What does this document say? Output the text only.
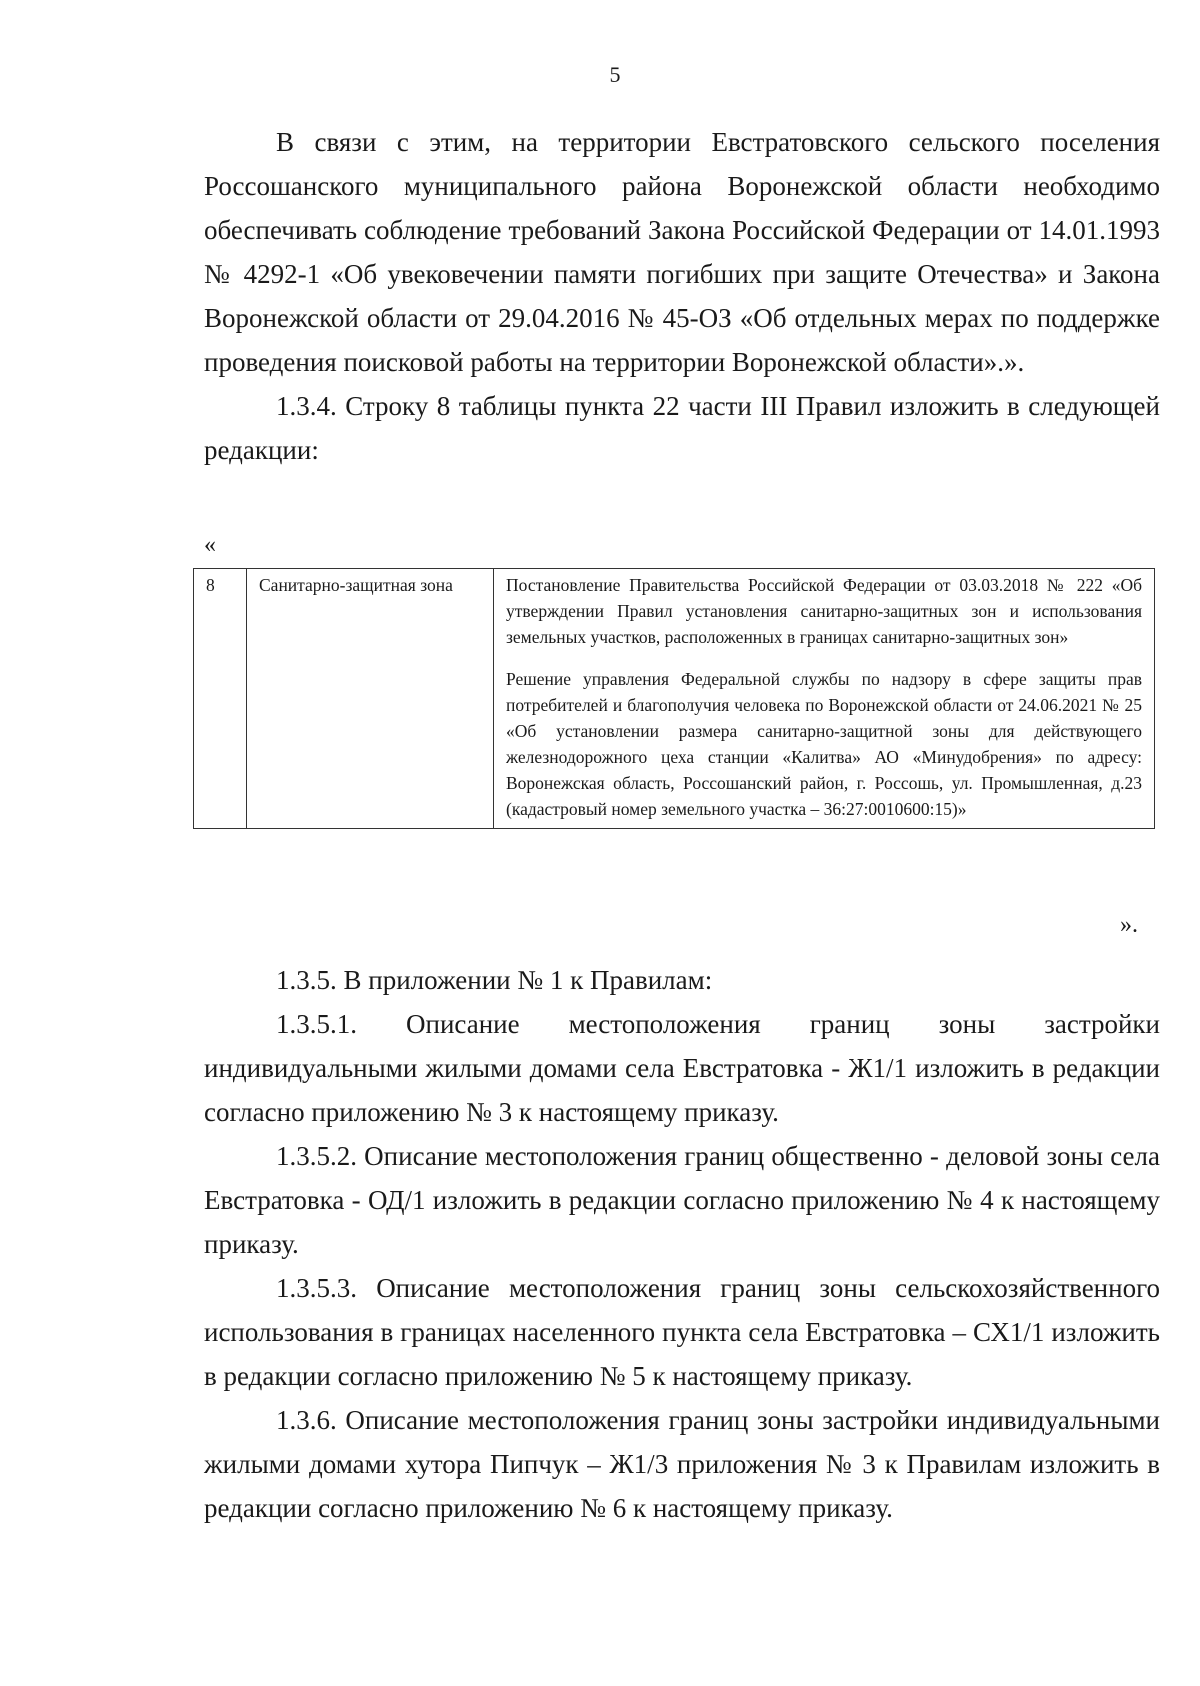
5

В связи с этим, на территории Евстратовского сельского поселения Россошанского муниципального района Воронежской области необходимо обеспечивать соблюдение требований Закона Российской Федерации от 14.01.1993 № 4292-1 «Об увековечении памяти погибших при защите Отечества» и Закона Воронежской области от 29.04.2016 № 45-ОЗ «Об отдельных мерах по поддержке проведения поисковой работы на территории Воронежской области».».

1.3.4. Строку 8 таблицы пункта 22 части III Правил изложить в следующей редакции:

«
8	Санитарно-защитная зона	Постановление Правительства Российской Федерации от 03.03.2018 № 222 «Об утверждении Правил установления санитарно-защитных зон и использования земельных участков, расположенных в границах санитарно-защитных зон»

Решение управления Федеральной службы по надзору в сфере защиты прав потребителей и благополучия человека по Воронежской области от 24.06.2021 № 25 «Об установлении размера санитарно-защитной зоны для действующего железнодорожного цеха станции «Калитва» АО «Минудобрения» по адресу: Воронежская область, Россошанский район, г. Россошь, ул. Промышленная, д.23 (кадастровый номер земельного участка – 36:27:0010600:15)»

».

1.3.5. В приложении № 1 к Правилам:

1.3.5.1. Описание местоположения границ зоны застройки индивидуальными жилыми домами села Евстратовка - Ж1/1 изложить в редакции согласно приложению № 3 к настоящему приказу.

1.3.5.2. Описание местоположения границ общественно - деловой зоны села Евстратовка - ОД/1 изложить в редакции согласно приложению № 4 к настоящему приказу.

1.3.5.3. Описание местоположения границ зоны сельскохозяйственного использования в границах населенного пункта села Евстратовка – СХ1/1 изложить в редакции согласно приложению № 5 к настоящему приказу.

1.3.6. Описание местоположения границ зоны застройки индивидуальными жилыми домами хутора Пипчук – Ж1/3 приложения № 3 к Правилам изложить в редакции согласно приложению № 6 к настоящему приказу.
